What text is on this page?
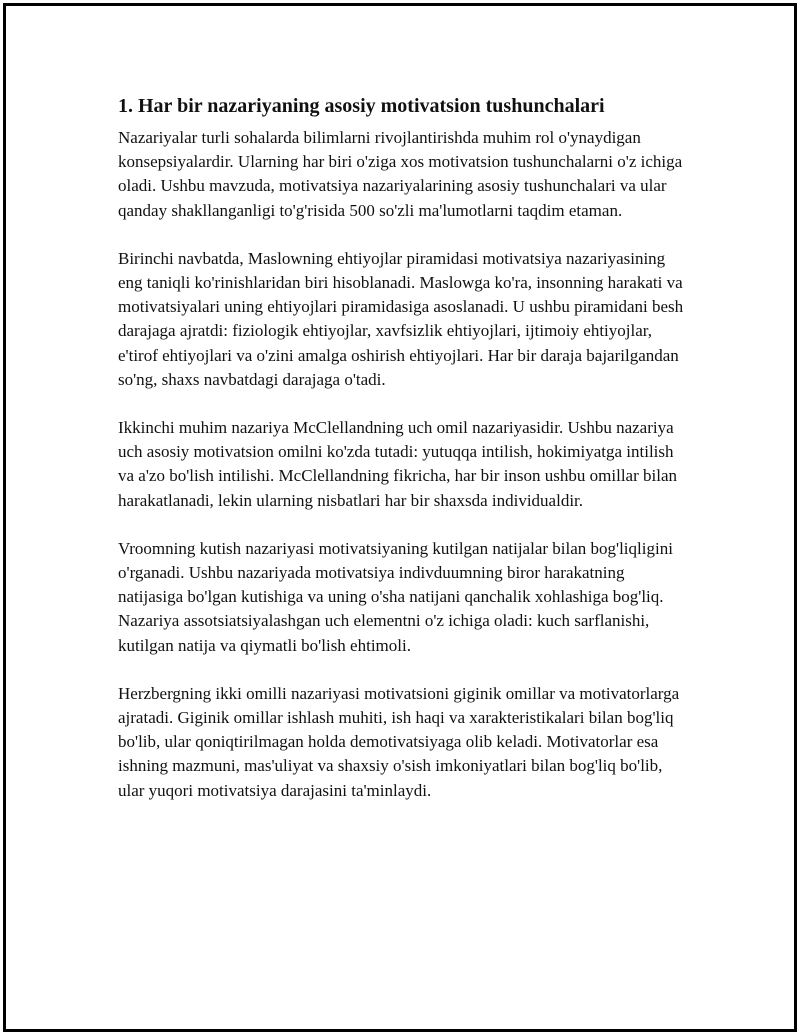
1. Har bir nazariyaning asosiy motivatsion tushunchalari

Nazariyalar turli sohalarda bilimlarni rivojlantirishda muhim rol o'ynaydigan konsepsiyalardir. Ularning har biri o'ziga xos motivatsion tushunchalarni o'z ichiga oladi. Ushbu mavzuda, motivatsiya nazariyalarining asosiy tushunchalari va ular qanday shakllanganligi to'g'risida 500 so'zli ma'lumotlarni taqdim etaman.

Birinchi navbatda, Maslowning ehtiyojlar piramidasi motivatsiya nazariyasining eng taniqli ko'rinishlaridan biri hisoblanadi. Maslowga ko'ra, insonning harakati va motivatsiyalari uning ehtiyojlari piramidasiga asoslanadi. U ushbu piramidani besh darajaga ajratdi: fiziologik ehtiyojlar, xavfsizlik ehtiyojlari, ijtimoiy ehtiyojlar, e'tirof ehtiyojlari va o'zini amalga oshirish ehtiyojlari. Har bir daraja bajarilgandan so'ng, shaxs navbatdagi darajaga o'tadi.

Ikkinchi muhim nazariya McClellandning uch omil nazariyasidir. Ushbu nazariya uch asosiy motivatsion omilni ko'zda tutadi: yutuqqa intilish, hokimiyatga intilish va a'zo bo'lish intilishi. McClellandning fikricha, har bir inson ushbu omillar bilan harakatlanadi, lekin ularning nisbatlari har bir shaxsda individualdir.

Vroomning kutish nazariyasi motivatsiyaning kutilgan natijalar bilan bog'liqligini o'rganadi. Ushbu nazariyada motivatsiya indivduumning biror harakatning natijasiga bo'lgan kutishiga va uning o'sha natijani qanchalik xohlashiga bog'liq. Nazariya assotsiatsiyalashgan uch elementni o'z ichiga oladi: kuch sarflanishi, kutilgan natija va qiymatli bo'lish ehtimoli.

Herzbergning ikki omilli nazariyasi motivatsioni giginik omillar va motivatorlarga ajratadi. Giginik omillar ishlash muhiti, ish haqi va xarakteristikalari bilan bog'liq bo'lib, ular qoniqtirilmagan holda demotivatsiyaga olib keladi. Motivatorlar esa ishning mazmuni, mas'uliyat va shaxsiy o'sish imkoniyatlari bilan bog'liq bo'lib, ular yuqori motivatsiya darajasini ta'minlaydi.
